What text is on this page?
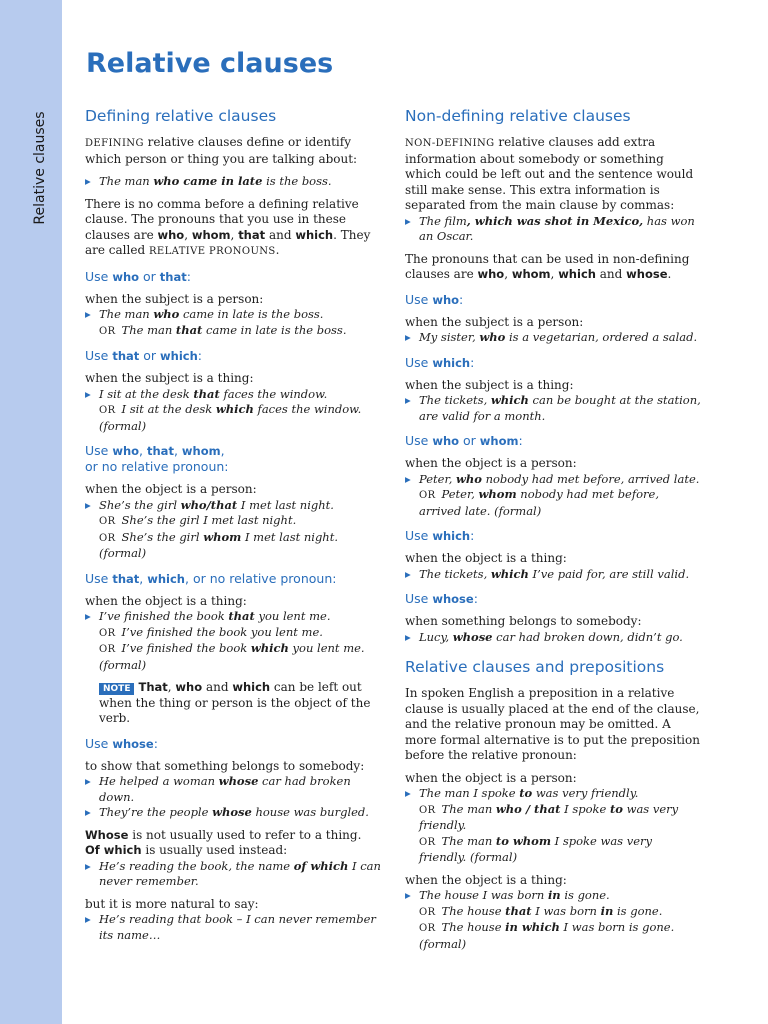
Relative clauses
Relative clauses
Defining relative clauses

DEFINING relative clauses define or identify which person or thing you are talking about:

▸ The man who came in late is the boss.

There is no comma before a defining relative clause. The pronouns that you use in these clauses are who, whom, that and which. They are called RELATIVE PRONOUNS.

Use who or that:

when the subject is a person:

▸ The man who came in late is the boss.
OR The man that came in late is the boss.
Use that or which:

when the subject is a thing:

▸ I sit at the desk that faces the window.
OR I sit at the desk which faces the window. (formal)
Use who, that, whom,
or no relative pronoun:

when the object is a person:

▸ She’s the girl who/that I met last night.
OR She’s the girl I met last night.
OR She’s the girl whom I met last night. (formal)
Use that, which, or no relative pronoun:

when the object is a thing:

▸ I’ve finished the book that you lent me.
OR I’ve finished the book you lent me.
OR I’ve finished the book which you lent me. (formal)
NOTE That, who and which can be left out when the thing or person is the object of the verb.
Use whose:

to show that something belongs to somebody:

▸ He helped a woman whose car had broken down.
▸ They’re the people whose house was burgled.

Whose is not usually used to refer to a thing.

Of which is usually used instead:

▸ He’s reading the book, the name of which I can never remember.

but it is more natural to say:

▸ He’s reading that book – I can never remember its name…
Non-defining relative clauses

NON-DEFINING relative clauses add extra information about somebody or something which could be left out and the sentence would still make sense. This extra information is separated from the main clause by commas:

▸ The film, which was shot in Mexico, has won an Oscar.

The pronouns that can be used in non-defining clauses are who, whom, which and whose.

Use who:

when the subject is a person:

▸ My sister, who is a vegetarian, ordered a salad.
Use which:

when the subject is a thing:

▸ The tickets, which can be bought at the station, are valid for a month.
Use who or whom:

when the object is a person:

▸ Peter, who nobody had met before, arrived late.
OR Peter, whom nobody had met before, arrived late. (formal)
Use which:

when the object is a thing:

▸ The tickets, which I’ve paid for, are still valid.
Use whose:

when something belongs to somebody:

▸ Lucy, whose car had broken down, didn’t go.
Relative clauses and prepositions

In spoken English a preposition in a relative clause is usually placed at the end of the clause, and the relative pronoun may be omitted. A more formal alternative is to put the preposition before the relative pronoun:

when the object is a person:

▸ The man I spoke to was very friendly.
OR The man who / that I spoke to was very friendly.
OR The man to whom I spoke was very friendly. (formal)

when the object is a thing:

▸ The house I was born in is gone.
OR The house that I was born in is gone.
OR The house in which I was born is gone. (formal)
